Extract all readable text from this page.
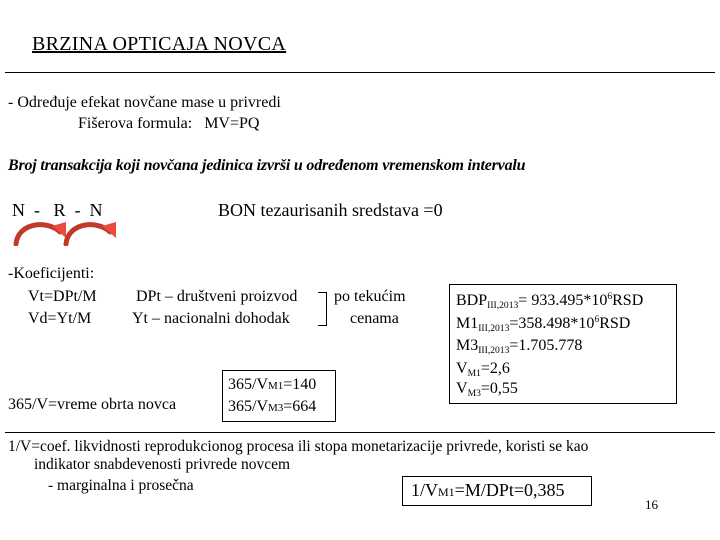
BRZINA OPTICAJA NOVCA
- Određuje efekat novčane mase u privredi
Fišerova formula: MV=PQ
Broj transakcija koji novčana jedinica izvrši u određenom vremenskom intervalu
N  -   R  -  N	BON tezaurisanih sredstava =0
-Koeficijenti:
Vt=DPt/M
Vd=Yt/M
DPt – društveni proizvod
Yt – nacionalni dohodak
po tekućim
cenama
365/V=vreme obrta novca
365/VM1=140
365/VM3=664
$BDP_{III,2013}= 933.495*10^6RSD$
$M1_{III,2013}=358.498*10^6RSD$
$M3_{III,2013}=1.705.778$
$V_{M1}=2,6$
$V_{M3}=0,55$
1/V=coef. likvidnosti reprodukcionog procesa ili stopa monetarizacije privrede, koristi se kao
indikator snabdevenosti privrede novcem
- marginalna i prosečna	1/VM1=M/DPt=0,385
16
